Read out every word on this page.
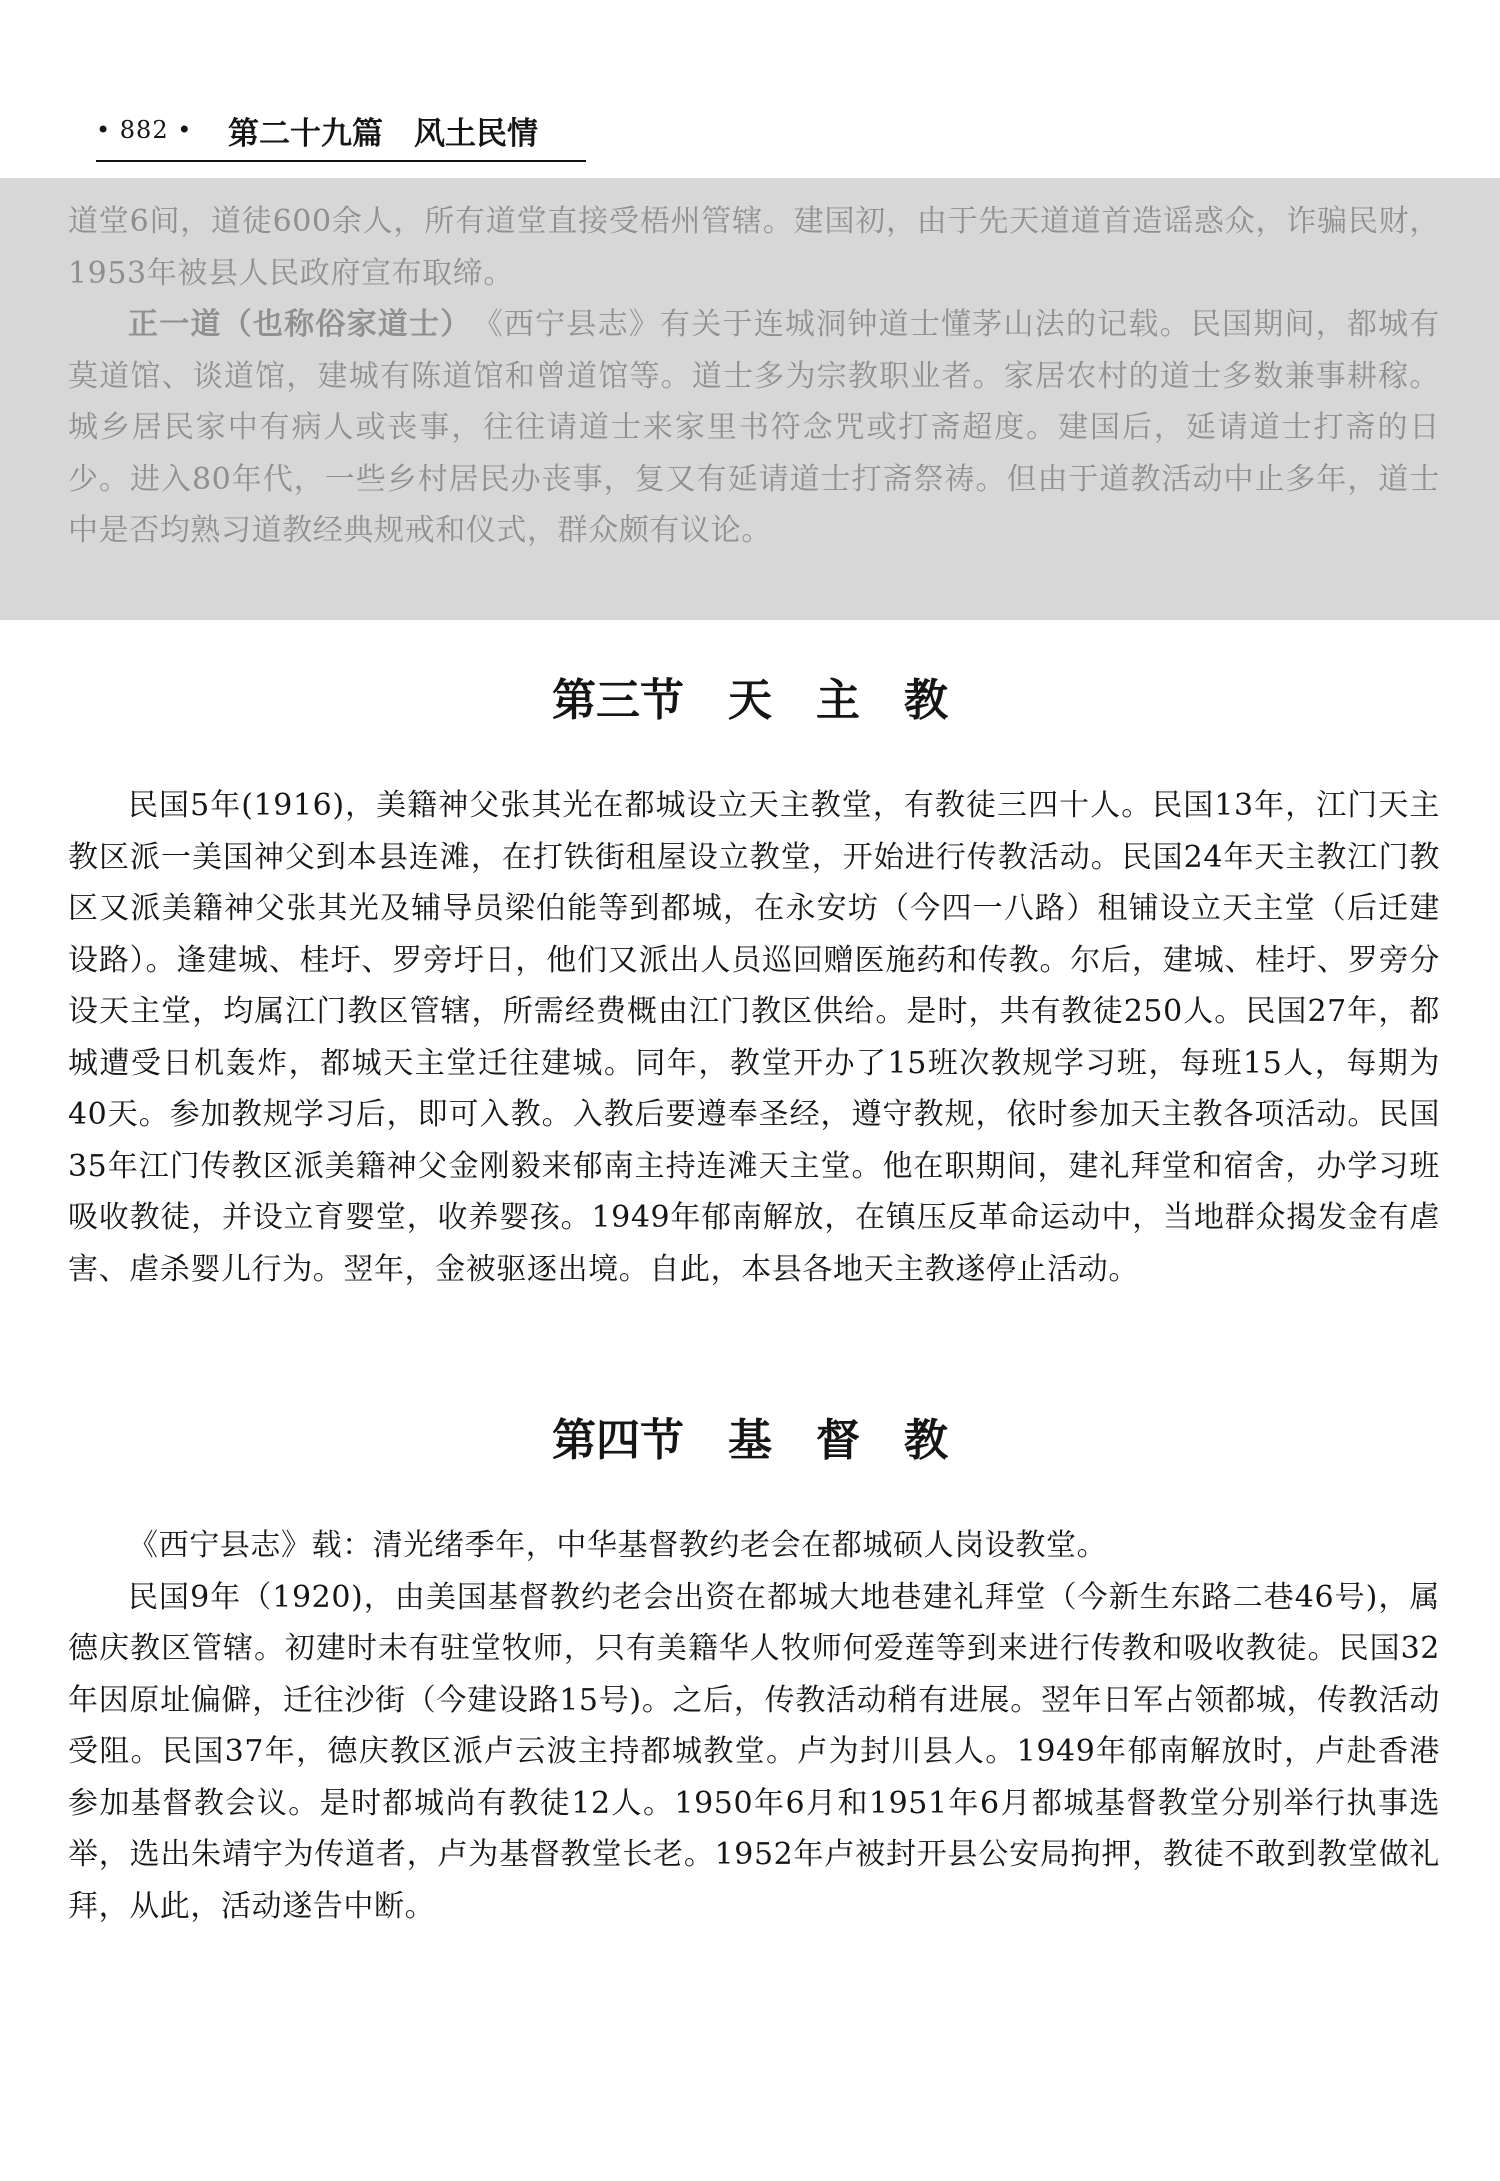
• 882 • 第二十九篇　风土民情

道堂6间，道徒600余人，所有道堂直接受梧州管辖。建国初，由于先天道道首造谣惑众，诈骗民财，1953年被县人民政府宣布取缔。

正一道（也称俗家道士）　《西宁县志》有关于连城洞钟道士懂茅山法的记载。民国期间，都城有莫道馆、谈道馆，建城有陈道馆和曾道馆等。道士多为宗教职业者。家居农村的道士多数兼事耕稼。城乡居民家中有病人或丧事，往往请道士来家里书符念咒或打斋超度。建国后，延请道士打斋的日少。进入80年代，一些乡村居民办丧事，复又有延请道士打斋祭祷。但由于道教活动中止多年，道士中是否均熟习道教经典规戒和仪式，群众颇有议论。

第三节　天　主　教

民国5年(1916)，美籍神父张其光在都城设立天主教堂，有教徒三四十人。民国13年，江门天主教区派一美国神父到本县连滩，在打铁街租屋设立教堂，开始进行传教活动。民国24年天主教江门教区又派美籍神父张其光及辅导员梁伯能等到都城，在永安坊（今四一八路）租铺设立天主堂（后迁建设路）。逢建城、桂圩、罗旁圩日，他们又派出人员巡回赠医施药和传教。尔后，建城、桂圩、罗旁分设天主堂，均属江门教区管辖，所需经费概由江门教区供给。是时，共有教徒250人。民国27年，都城遭受日机轰炸，都城天主堂迁往建城。同年，教堂开办了15班次教规学习班，每班15人，每期为40天。参加教规学习后，即可入教。入教后要遵奉圣经，遵守教规，依时参加天主教各项活动。民国35年江门传教区派美籍神父金刚毅来郁南主持连滩天主堂。他在职期间，建礼拜堂和宿舍，办学习班吸收教徒，并设立育婴堂，收养婴孩。1949年郁南解放，在镇压反革命运动中，当地群众揭发金有虐害、虐杀婴儿行为。翌年，金被驱逐出境。自此，本县各地天主教遂停止活动。

第四节　基　督　教

《西宁县志》载：清光绪季年，中华基督教约老会在都城硕人岗设教堂。

民国9年（1920)，由美国基督教约老会出资在都城大地巷建礼拜堂（今新生东路二巷46号)，属德庆教区管辖。初建时未有驻堂牧师，只有美籍华人牧师何爱莲等到来进行传教和吸收教徒。民国32年因原址偏僻，迁往沙街（今建设路15号)。之后，传教活动稍有进展。翌年日军占领都城，传教活动受阻。民国37年，德庆教区派卢云波主持都城教堂。卢为封川县人。1949年郁南解放时，卢赴香港参加基督教会议。是时都城尚有教徒12人。1950年6月和1951年6月都城基督教堂分别举行执事选举，选出朱靖宇为传道者，卢为基督教堂长老。1952年卢被封开县公安局拘押，教徒不敢到教堂做礼拜，从此，活动遂告中断。
